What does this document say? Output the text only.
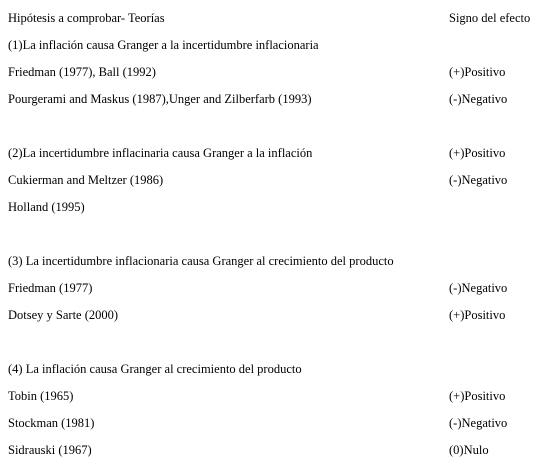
Hipótesis a comprobar- Teorías	Signo del efecto
(1)La inflación causa Granger a la incertidumbre inflacionaria
Friedman (1977), Ball (1992)	(+)Positivo
Pourgerami and Maskus (1987),Unger and Zilberfarb (1993)	(-)Negativo
(2)La incertidumbre inflacinaria causa Granger a la inflación	(+)Positivo
Cukierman and Meltzer (1986)	(-)Negativo
Holland (1995)
(3) La incertidumbre inflacionaria causa Granger al crecimiento del producto
Friedman (1977)	(-)Negativo
Dotsey y Sarte (2000)	(+)Positivo
(4) La inflación causa Granger al crecimiento del producto
Tobin (1965)	(+)Positivo
Stockman (1981)	(-)Negativo
Sidrauski (1967)	(0)Nulo
